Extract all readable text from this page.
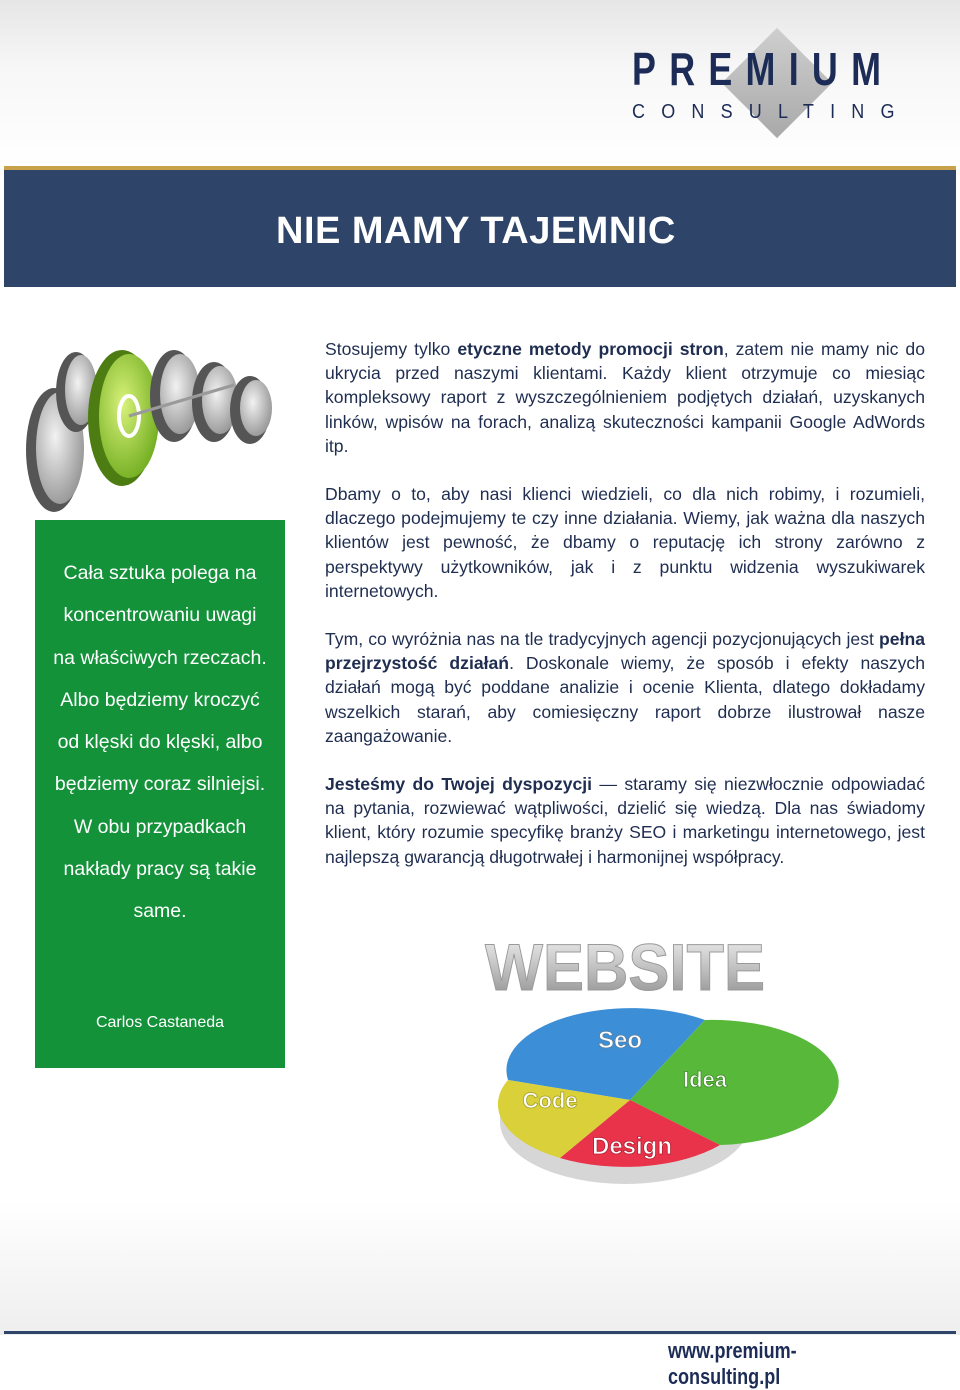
PREMIUM
CONSULTING
NIE MAMY TAJEMNIC
Cała sztuka polega na koncentrowaniu uwagi na właściwych rzeczach. Albo będziemy kroczyć od klęski do klęski, albo będziemy coraz silniejsi. W obu przypadkach nakłady pracy są takie same.
Carlos Castaneda

Stosujemy tylko etyczne metody promocji stron, zatem nie mamy nic do ukrycia przed naszymi klientami. Każdy klient otrzymuje co miesiąc kompleksowy raport z wyszczególnieniem podjętych działań, uzyskanych linków, wpisów na forach, analizą skuteczności kampanii Google AdWords itp.

Dbamy o to, aby nasi klienci wiedzieli, co dla nich robimy, i rozumieli, dlaczego podejmujemy te czy inne działania. Wiemy, jak ważna dla naszych klientów jest pewność, że dbamy o reputację ich strony zarówno z perspektywy użytkowników, jak i z punktu widzenia wyszukiwarek internetowych.

Tym, co wyróżnia nas na tle tradycyjnych agencji pozycjonujących jest pełna przejrzystość działań. Doskonale wiemy, że sposób i efekty naszych działań mogą być poddane analizie i ocenie Klienta, dlatego dokładamy wszelkich starań, aby comiesięczny raport dobrze ilustrował nasze zaangażowanie.

Jesteśmy do Twojej dyspozycji — staramy się niezwłocznie odpowiadać na pytania, rozwiewać wątpliwości, dzielić się wiedzą. Dla nas świadomy klient, który rozumie specyfikę branży SEO i marketingu internetowego, jest najlepszą gwarancją długotrwałej i harmonijnej współpracy.

WEBSITE
Seo
Idea
Design
Code
www.premium-consulting.pl
